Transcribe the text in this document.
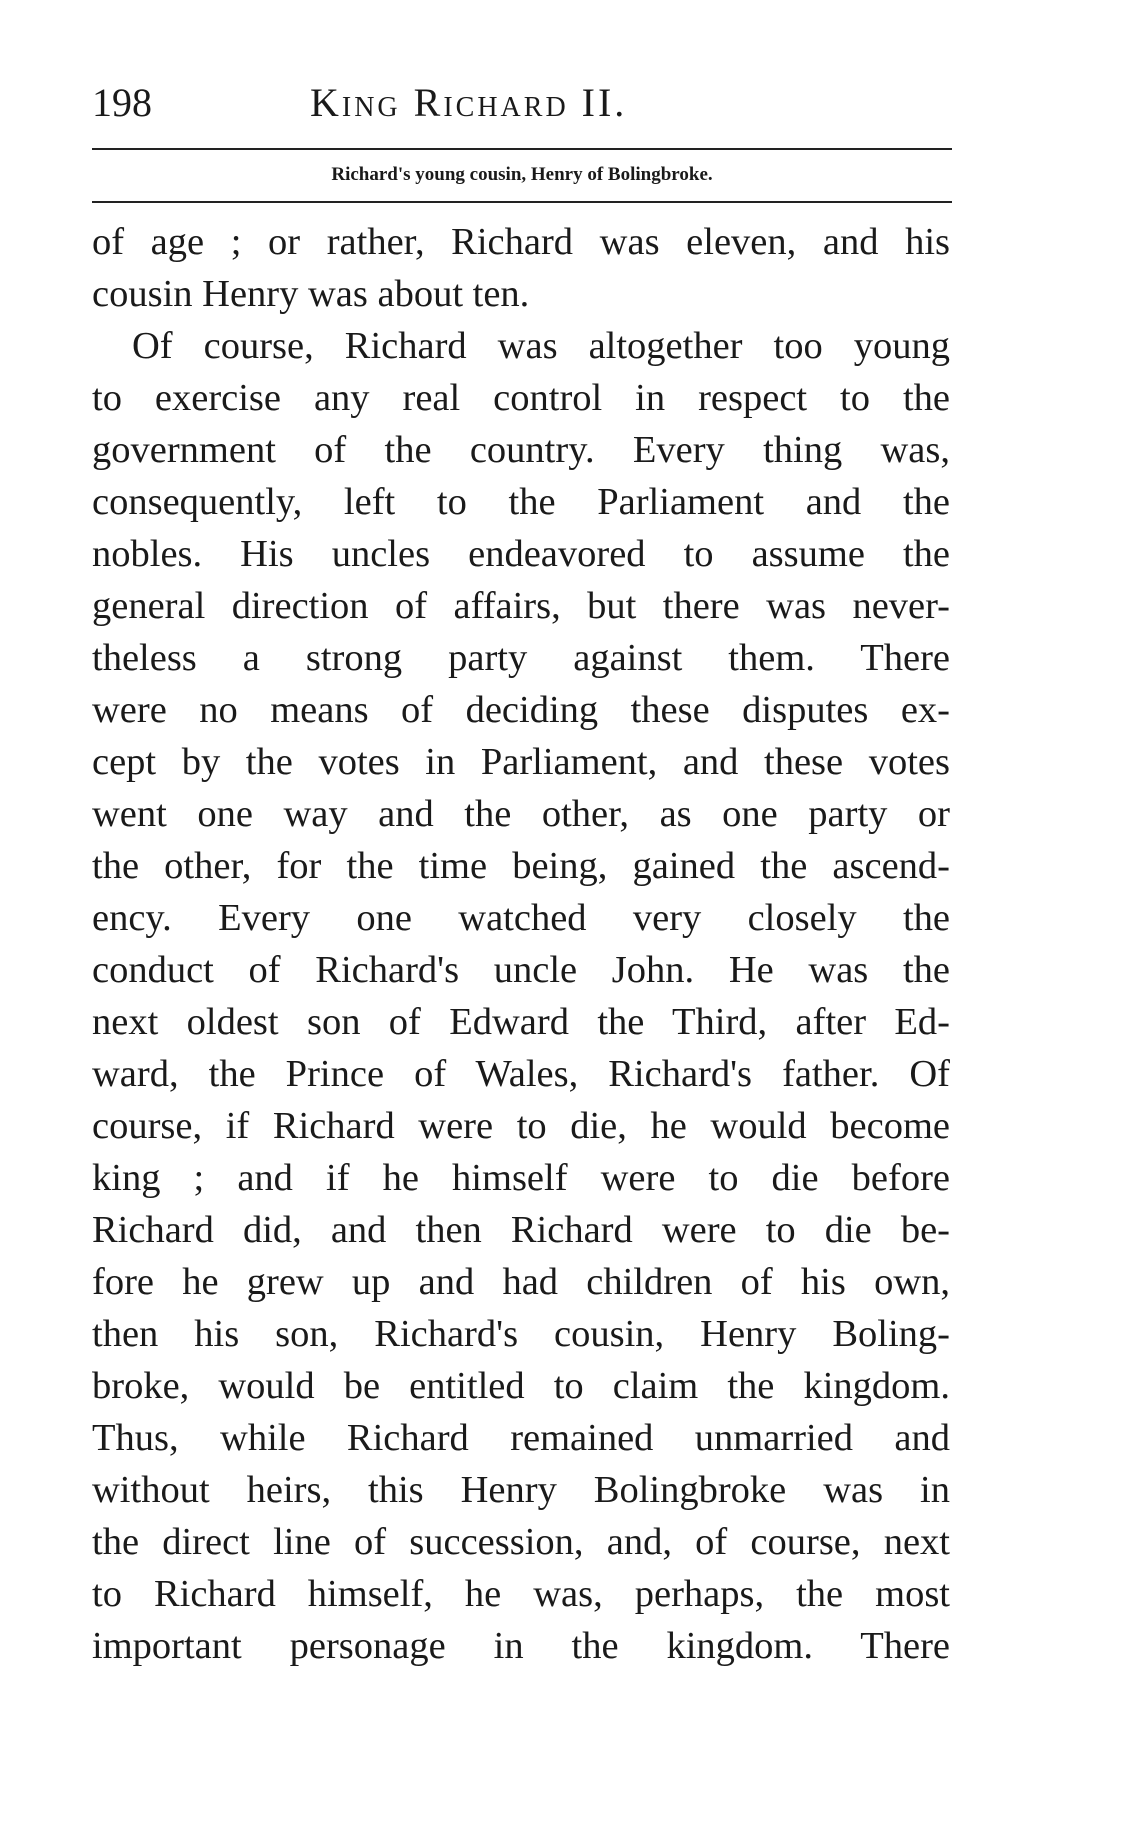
198	King Richard II.
Richard's young cousin, Henry of Bolingbroke.
of age ; or rather, Richard was eleven, and his
cousin Henry was about ten.
Of course, Richard was altogether too young
to exercise any real control in respect to the
government of the country. Every thing was,
consequently, left to the Parliament and the
nobles. His uncles endeavored to assume the
general direction of affairs, but there was never-
theless a strong party against them. There
were no means of deciding these disputes ex-
cept by the votes in Parliament, and these votes
went one way and the other, as one party or
the other, for the time being, gained the ascend-
ency. Every one watched very closely the
conduct of Richard's uncle John. He was the
next oldest son of Edward the Third, after Ed-
ward, the Prince of Wales, Richard's father. Of
course, if Richard were to die, he would become
king ; and if he himself were to die before
Richard did, and then Richard were to die be-
fore he grew up and had children of his own,
then his son, Richard's cousin, Henry Boling-
broke, would be entitled to claim the kingdom.
Thus, while Richard remained unmarried and
without heirs, this Henry Bolingbroke was in
the direct line of succession, and, of course, next
to Richard himself, he was, perhaps, the most
important personage in the kingdom. There
